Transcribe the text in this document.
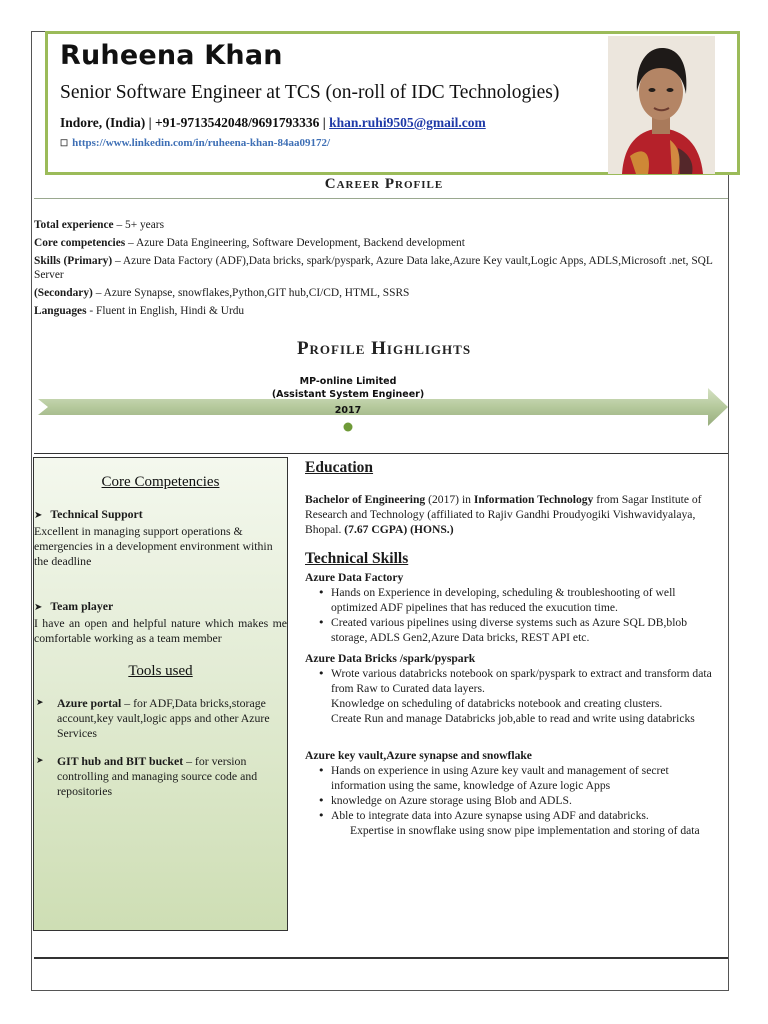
Ruheena Khan
Senior Software Engineer at TCS (on-roll of IDC Technologies)
Indore, (India) | +91-9713542048/9691793336 | khan.ruhi9505@gmail.com
☐ https://www.linkedin.com/in/ruheena-khan-84aa09172/
Career Profile

Total experience – 5+ years

Core competencies – Azure Data Engineering, Software Development, Backend development

Skills (Primary) – Azure Data Factory (ADF),Data bricks, spark/pyspark, Azure Data lake,Azure Key vault,Logic Apps, ADLS,Microsoft .net, SQL Server

(Secondary) – Azure Synapse, snowflakes,Python,GIT hub,CI/CD, HTML, SSRS

Languages - Fluent in English, Hindi & Urdu

Profile Highlights
MP-online Limited
(Assistant System Engineer)
2017
Core Competencies

➤ Technical Support

Excellent in managing support operations & emergencies in a development environment within the deadline

➤ Team player

I have an open and helpful nature which makes me comfortable working as a team member

Tools used

➤ Azure portal – for ADF,Data bricks,storage account,key vault,logic apps and other Azure Services

➤ GIT hub and BIT bucket – for version controlling and managing source code and repositories

Education

Bachelor of Engineering (2017) in Information Technology from Sagar Institute of Research and Technology (affiliated to Rajiv Gandhi Proudyogiki Vishwavidyalaya, Bhopal. (7.67 CGPA) (HONS.)

Technical Skills

Azure Data Factory

• Hands on Experience in developing, scheduling & troubleshooting of well optimized ADF pipelines that has reduced the exucution time.
• Created various pipelines using diverse systems such as Azure SQL DB,blob storage, ADLS Gen2,Azure Data bricks, REST API etc.

Azure Data Bricks /spark/pyspark

• Wrote various databricks notebook on spark/pyspark to extract and transform data from Raw to Curated data layers.

Knowledge on scheduling of databricks notebook and creating clusters.

Create Run and manage Databricks job,able to read and write using databricks

Azure key vault,Azure synapse and snowflake

• Hands on experience in using Azure key vault and management of secret information using the same, knowledge of Azure logic Apps
• knowledge on Azure storage using Blob and ADLS.
• Able to integrate data into Azure synapse using ADF and databricks.

Expertise in snowflake using snow pipe implementation and storing of data
